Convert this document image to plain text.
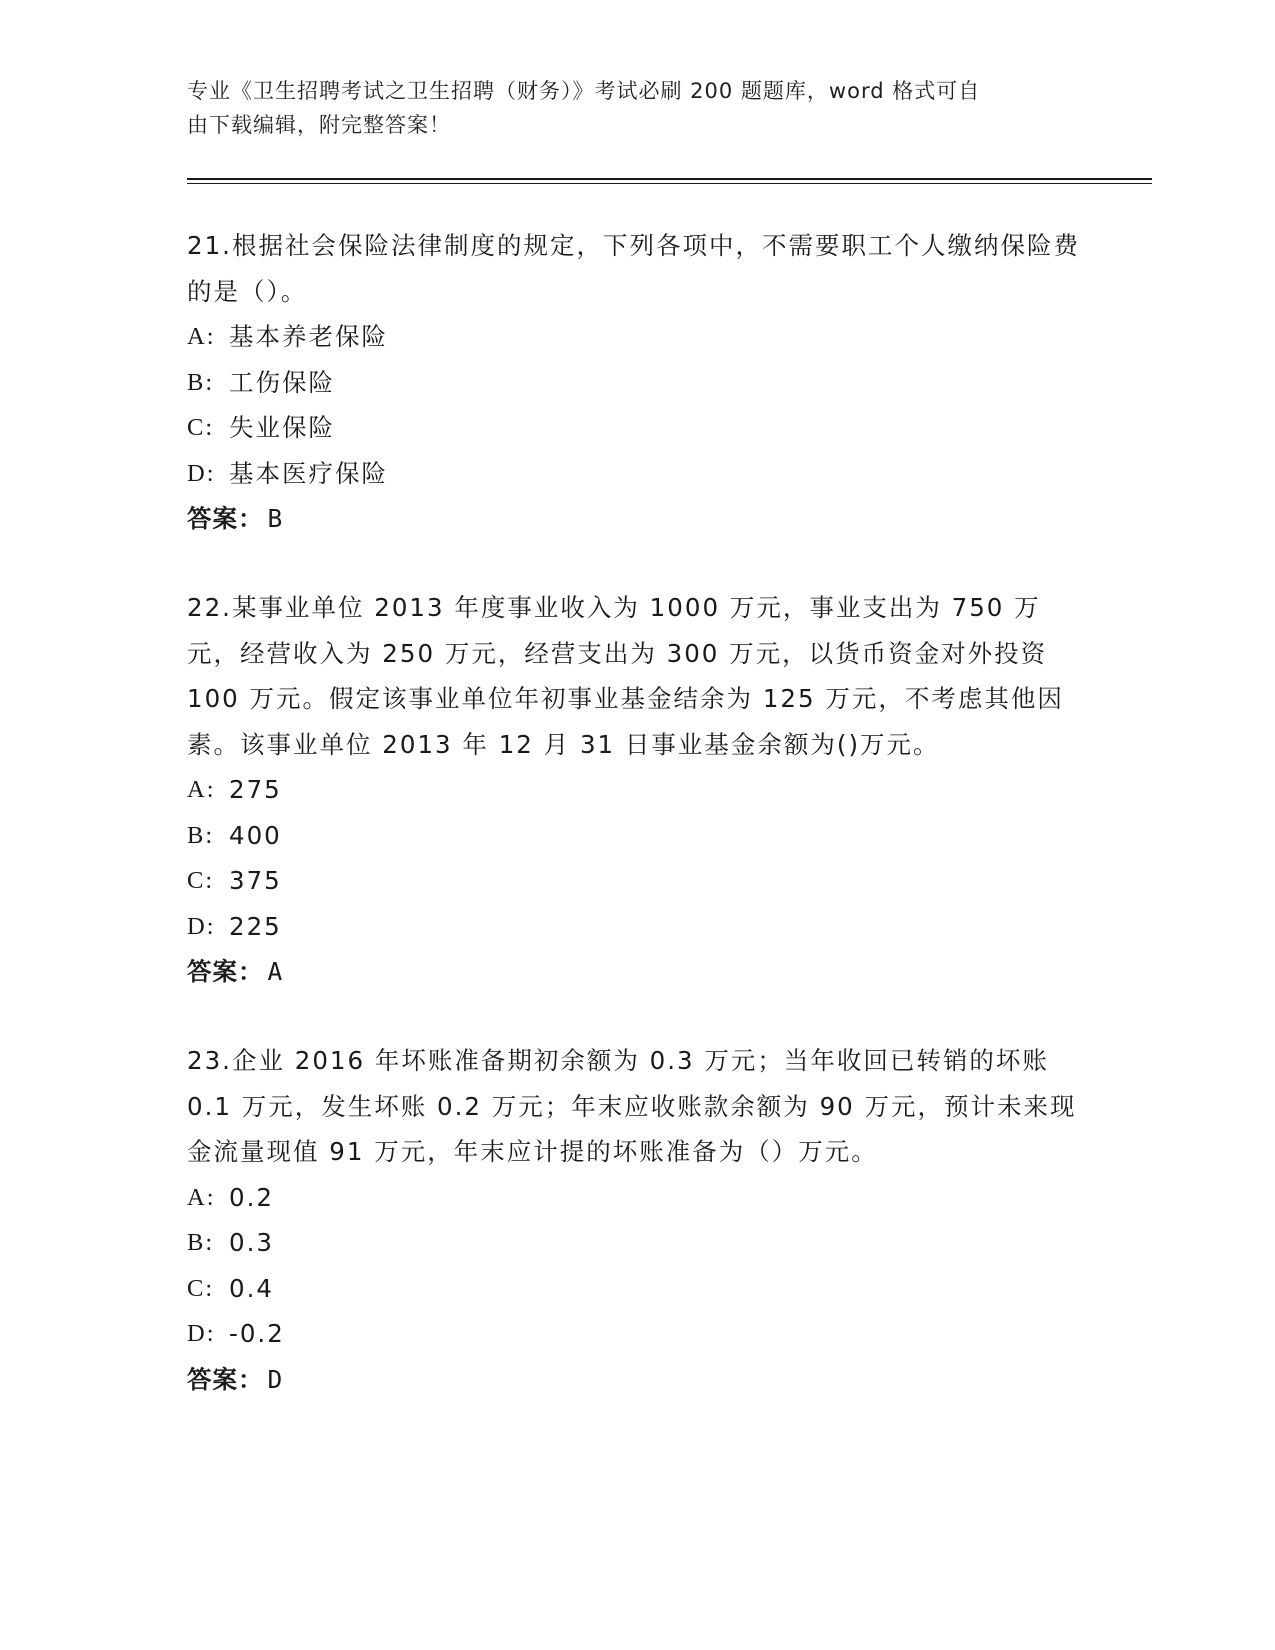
专业《卫生招聘考试之卫生招聘（财务）》考试必刷 200 题题库，word 格式可自
由下载编辑，附完整答案！

21.根据社会保险法律制度的规定，下列各项中，不需要职工个人缴纳保险费的是（）。

A: 基本养老保险
B: 工伤保险
C: 失业保险
D: 基本医疗保险
答案： B

22.某事业单位 2013 年度事业收入为 1000 万元，事业支出为 750 万元，经营收入为 250 万元，经营支出为 300 万元，以货币资金对外投资 100 万元。假定该事业单位年初事业基金结余为 125 万元，不考虑其他因素。该事业单位 2013 年 12 月 31 日事业基金余额为()万元。

A: 275
B: 400
C: 375
D: 225
答案： A

23.企业 2016 年坏账准备期初余额为 0.3 万元；当年收回已转销的坏账 0.1 万元，发生坏账 0.2 万元；年末应收账款余额为 90 万元，预计未来现金流量现值 91 万元，年末应计提的坏账准备为（）万元。

A: 0.2
B: 0.3
C: 0.4
D: -0.2
答案： D
